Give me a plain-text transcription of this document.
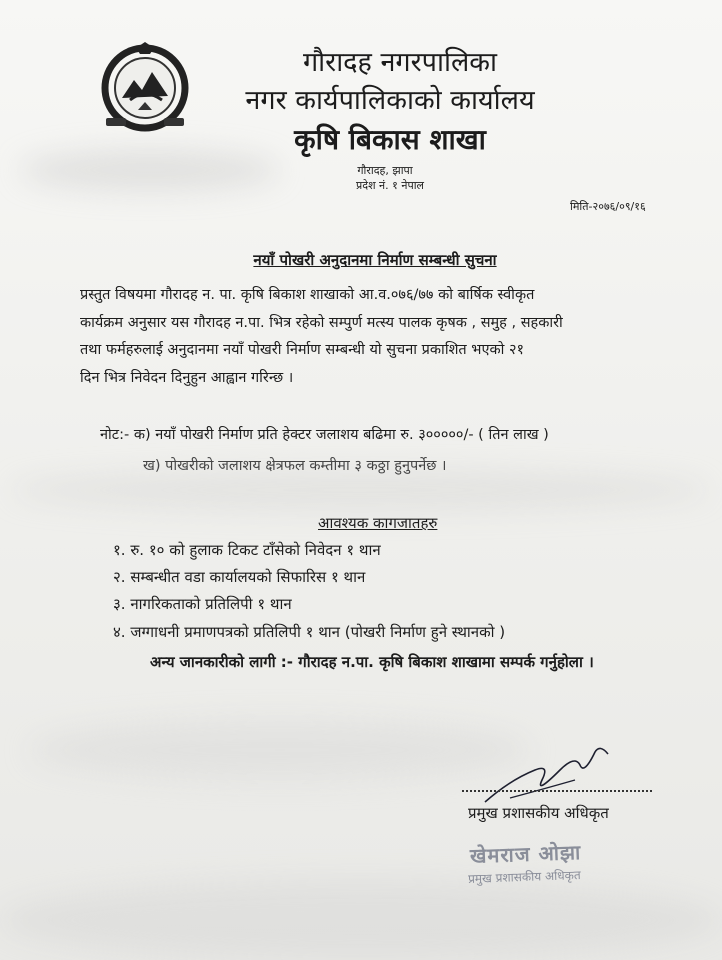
गौरादह नगरपालिका
नगर कार्यपालिकाको कार्यालय
कृषि बिकास शाखा
गौरादह, झापा
प्रदेश नं. १ नेपाल
मिति-२०७६/०९/१६
नयाँ पोखरी अनुदानमा निर्माण सम्बन्धी सुचना
प्रस्तुत विषयमा गौरादह न. पा. कृषि बिकाश शाखाको आ.व.०७६/७७ को बार्षिक स्वीकृत
कार्यक्रम अनुसार यस गौरादह न.पा. भित्र रहेको सम्पुर्ण मत्स्य पालक कृषक , समुह , सहकारी
तथा फर्महरुलाई अनुदानमा नयाँ पोखरी निर्माण सम्बन्धी यो सुचना प्रकाशित भएको २१
दिन भित्र निवेदन दिनुहुन आह्वान गरिन्छ ।
नोट:- क) नयाँ पोखरी निर्माण प्रति हेक्टर जलाशय बढिमा रु. ३०००००/- ( तिन लाख )
ख) पोखरीको जलाशय क्षेत्रफल कम्तीमा ३ कठ्ठा हुनुपर्नेछ ।
आवश्यक कागजातहरु
१. रु. १० को हुलाक टिकट टाँसेको निवेदन १ थान
२. सम्बन्धीत वडा कार्यालयको सिफारिस १ थान
३. नागरिकताको प्रतिलिपी १ थान
४. जग्गाधनी प्रमाणपत्रको प्रतिलिपी १ थान (पोखरी निर्माण हुने स्थानको )
अन्य जानकारीको लागी :- गौरादह न.पा. कृषि बिकाश शाखामा सम्पर्क गर्नुहोला ।
प्रमुख प्रशासकीय अधिकृत
खेमराज ओझा
प्रमुख प्रशासकीय अधिकृत
